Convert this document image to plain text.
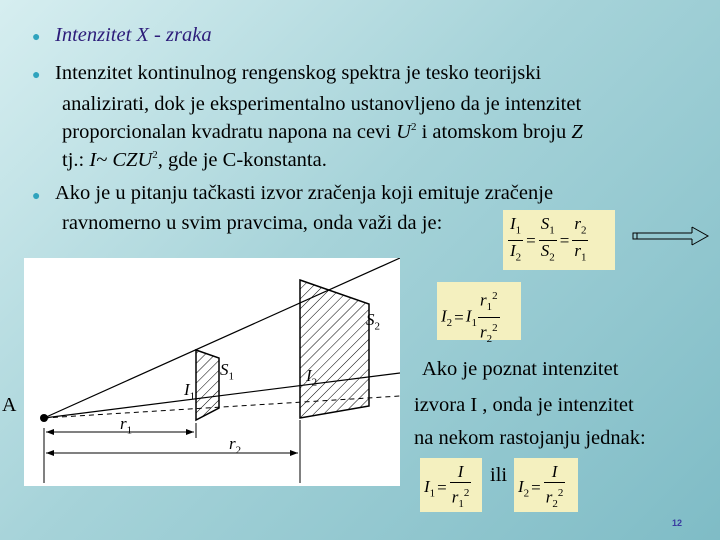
● Intenzitet X - zraka
● Intenzitet kontinulnog rengenskog spektra je tesko teorijski
analizirati, dok je eksperimentalno ustanovljeno da je intenzitet
proporcionalan kvadratu napona na cevi $U^2$ i atomskom broju Z
tj.: I~ CZU$^2$, gde je C-konstanta.
● Ako je u pitanju tačkasti izvor zračenja koji emituje zračenje
ravnomerno u svim pravcima, onda važi da je:	$\frac{I_1}{I_2} = \frac{S_1}{S_2} = \frac{r_2}{r_1}$
$I_2 = I_1 \frac{r_1^2}{r_2^2}$
Ako je poznat intenzitet
izvora I , onda je intenzitet
na nekom rastojanju jednak:
$I_1 = \frac{I}{r_1^2}$ ili
$I_2 = \frac{I}{r_2^2}$
A
$S_1$
$S_2$
$I_1$
$I_2$
$r_1$
$r_2$
12
